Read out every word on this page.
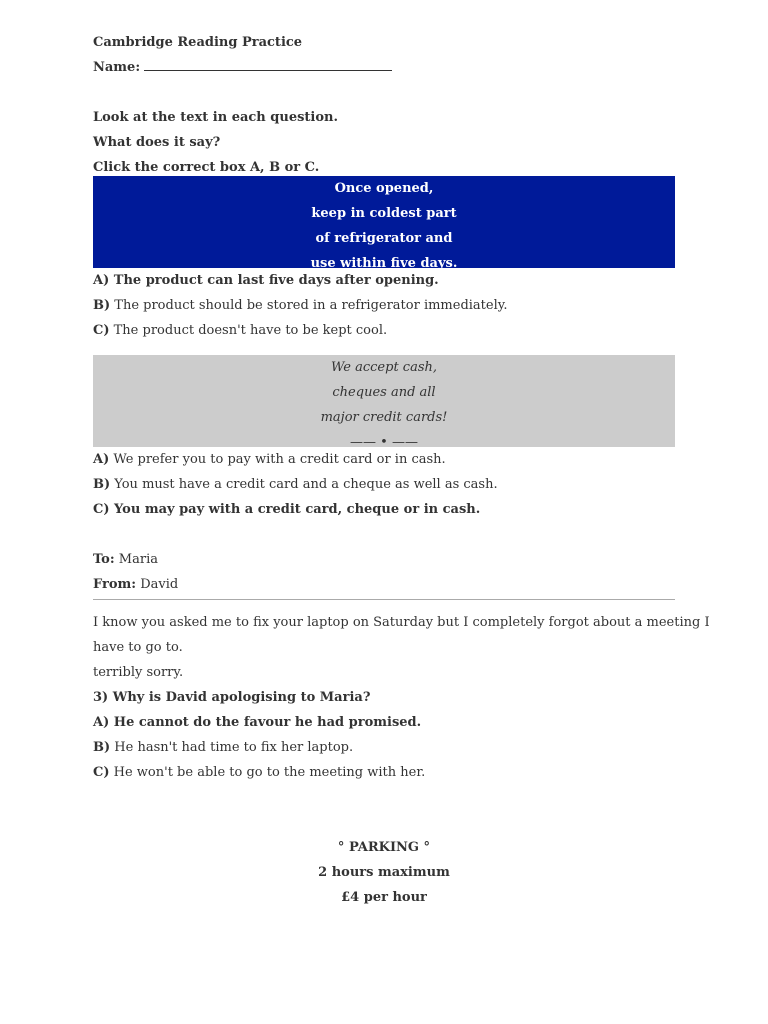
Cambridge Reading Practice
Name:
Look at the text in each question.
What does it say?
Click the correct box A, B or C.
Once opened,
keep in coldest part
of refrigerator and
use within five days.
A) The product can last five days after opening.
B) The product should be stored in a refrigerator immediately.
C) The product doesn't have to be kept cool.
We accept cash,
cheques and all
major credit cards!
—— • ——
A) We prefer you to pay with a credit card or in cash.
B) You must have a credit card and a cheque as well as cash.
C) You may pay with a credit card, cheque or in cash.
To: Maria
From: David
I know you asked me to fix your laptop on Saturday but I completely forgot about a meeting I
have to go to.
terribly sorry.
3) Why is David apologising to Maria?
A) He cannot do the favour he had promised.
B) He hasn't had time to fix her laptop.
C) He won't be able to go to the meeting with her.
° PARKING °
2 hours maximum
£4 per hour
